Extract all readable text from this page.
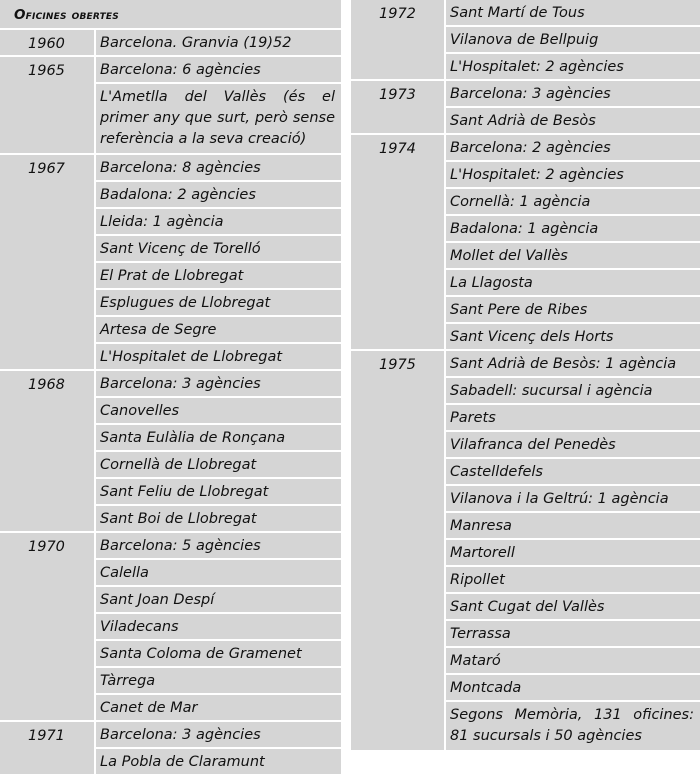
Oficines obertes
1960	Barcelona. Granvia (19)52
1965	Barcelona: 6 agències
L'Ametlla del Vallès (és el primer any que surt, però sense referència a la seva creació)
1967	Barcelona: 8 agències
Badalona: 2 agències
Lleida: 1 agència
Sant Vicenç de Torelló
El Prat de Llobregat
Esplugues de Llobregat
Artesa de Segre
L'Hospitalet de Llobregat
1968	Barcelona: 3 agències
Canovelles
Santa Eulàlia de Ronçana
Cornellà de Llobregat
Sant Feliu de Llobregat
Sant Boi de Llobregat
1970	Barcelona: 5 agències
Calella
Sant Joan Despí
Viladecans
Santa Coloma de Gramenet
Tàrrega
Canet de Mar
1971	Barcelona: 3 agències
La Pobla de Claramunt
1972	Sant Martí de Tous
Vilanova de Bellpuig
L'Hospitalet: 2 agències
1973	Barcelona: 3 agències
Sant Adrià de Besòs
1974	Barcelona: 2 agències
L'Hospitalet: 2 agències
Cornellà: 1 agència
Badalona: 1 agència
Mollet del Vallès
La Llagosta
Sant Pere de Ribes
Sant Vicenç dels Horts
1975	Sant Adrià de Besòs: 1 agència
Sabadell: sucursal i agència
Parets
Vilafranca del Penedès
Castelldefels
Vilanova i la Geltrú: 1 agència
Manresa
Martorell
Ripollet
Sant Cugat del Vallès
Terrassa
Mataró
Montcada
Segons Memòria, 131 oficines: 81 sucursals i 50 agències
